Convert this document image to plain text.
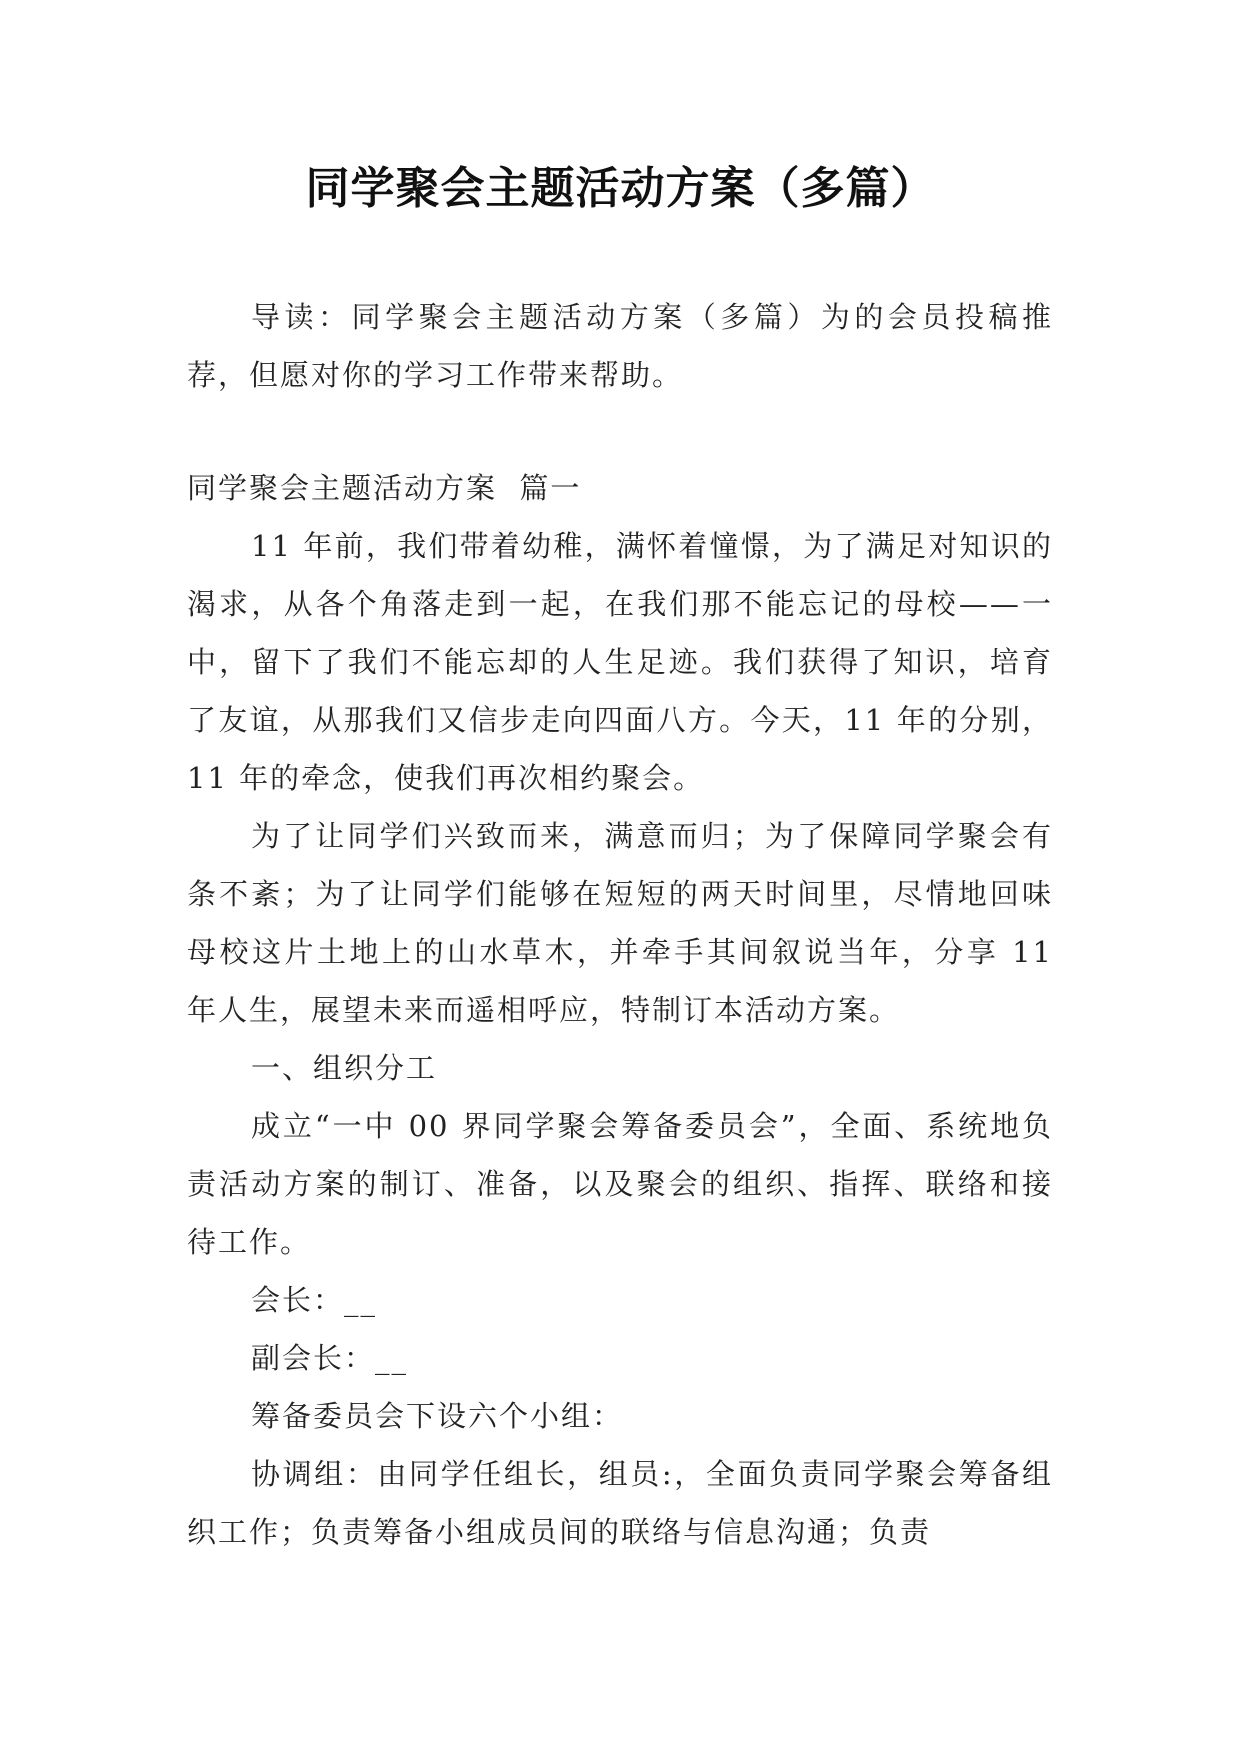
同学聚会主题活动方案（多篇）

导读：同学聚会主题活动方案（多篇）为的会员投稿推荐，但愿对你的学习工作带来帮助。

同学聚会主题活动方案  篇一

11 年前，我们带着幼稚，满怀着憧憬，为了满足对知识的渴求，从各个角落走到一起，在我们那不能忘记的母校——一中，留下了我们不能忘却的人生足迹。我们获得了知识，培育了友谊，从那我们又信步走向四面八方。今天，11 年的分别，11 年的牵念，使我们再次相约聚会。

为了让同学们兴致而来，满意而归；为了保障同学聚会有条不紊；为了让同学们能够在短短的两天时间里，尽情地回味母校这片土地上的山水草木，并牵手其间叙说当年，分享 11 年人生，展望未来而遥相呼应，特制订本活动方案。

一、组织分工

成立“一中 00 界同学聚会筹备委员会”，全面、系统地负责活动方案的制订、准备，以及聚会的组织、指挥、联络和接待工作。

会长：__

副会长：__

筹备委员会下设六个小组：

协调组：由同学任组长，组员:，全面负责同学聚会筹备组织工作；负责筹备小组成员间的联络与信息沟通；负责
